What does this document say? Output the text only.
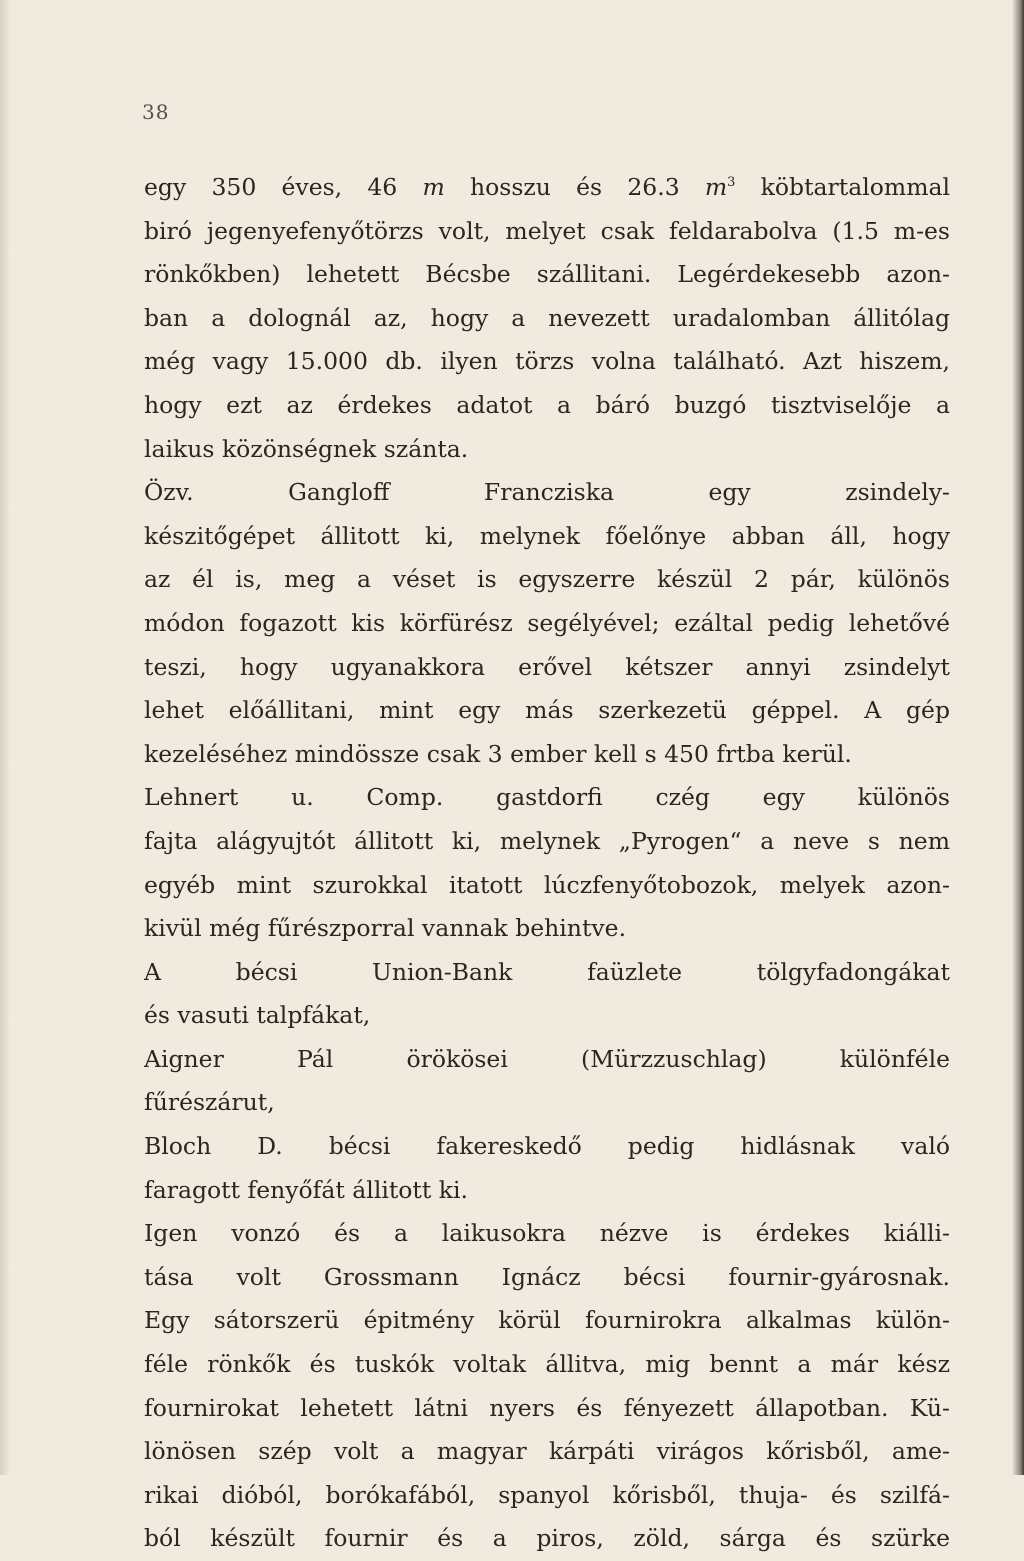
38
egy 350 éves, 46 m hosszu és 26.3 $m^3$ köbtartalommal
biró jegenyefenyőtörzs volt, melyet csak feldarabolva (1.5 m-es
rönkőkben) lehetett Bécsbe szállitani. Legérdekesebb azon-
ban a dolognál az, hogy a nevezett uradalomban állitólag
még vagy 15.000 db. ilyen törzs volna található. Azt hiszem,
hogy ezt az érdekes adatot a báró buzgó tisztviselője a
laikus közönségnek szánta.
Özv. Gangloff Francziska egy zsindely-
készitőgépet állitott ki, melynek főelőnye abban áll, hogy
az él is, meg a véset is egyszerre készül 2 pár, különös
módon fogazott kis körfürész segélyével; ezáltal pedig lehetővé
teszi, hogy ugyanakkora erővel kétszer annyi zsindelyt
lehet előállitani, mint egy más szerkezetü géppel. A gép
kezeléséhez mindössze csak 3 ember kell s 450 frtba kerül.
Lehnert u. Comp. gastdorfi czég egy különös
fajta alágyujtót állitott ki, melynek „Pyrogen“ a neve s nem
egyéb mint szurokkal itatott lúczfenyőtobozok, melyek azon-
kivül még fűrészporral vannak behintve.
A bécsi Union-Bank faüzlete tölgyfadongákat
és vasuti talpfákat,
Aigner Pál örökösei (Mürzzuschlag) különféle
fűrészárut,
Bloch D. bécsi fakereskedő pedig hidlásnak való
faragott fenyőfát állitott ki.
Igen vonzó és a laikusokra nézve is érdekes kiálli-
tása volt Grossmann Ignácz bécsi fournir-gyárosnak.
Egy sátorszerü épitmény körül fournirokra alkalmas külön-
féle rönkők és tuskók voltak állitva, mig bennt a már kész
fournirokat lehetett látni nyers és fényezett állapotban. Kü-
lönösen szép volt a magyar kárpáti virágos kőrisből, ame-
rikai dióból, borókafából, spanyol kőrisből, thuja- és szilfá-
ból készült fournir és a piros, zöld, sárga és szürke
